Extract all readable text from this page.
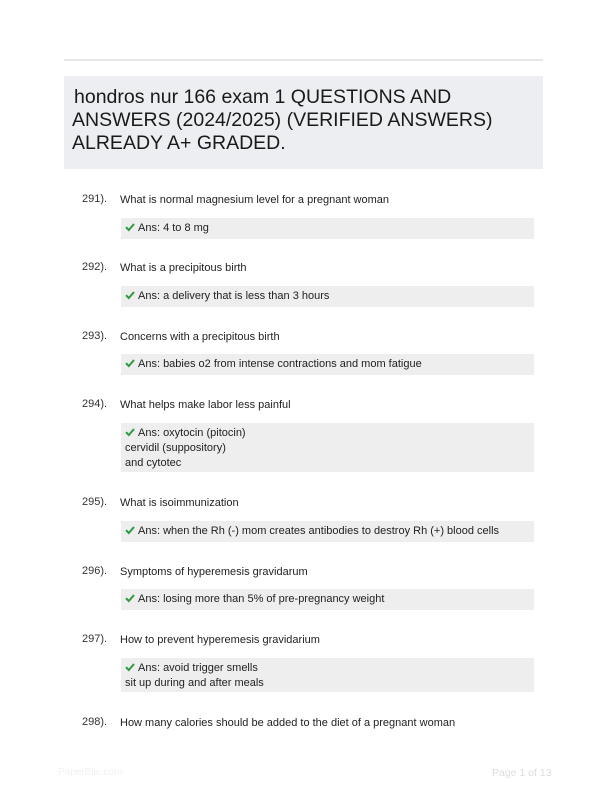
hondros nur 166 exam 1 QUESTIONS AND ANSWERS (2024/2025) (VERIFIED ANSWERS) ALREADY A+ GRADED.
291). What is normal magnesium level for a pregnant woman
Ans: 4 to 8 mg
292). What is a precipitous birth
Ans: a delivery that is less than 3 hours
293). Concerns with a precipitous birth
Ans: babies o2 from intense contractions and mom fatigue
294). What helps make labor less painful
Ans: oxytocin (pitocin)
cervidil (suppository)
and cytotec
295). What is isoimmunization
Ans: when the Rh (-) mom creates antibodies to destroy Rh (+) blood cells
296). Symptoms of hyperemesis gravidarum
Ans: losing more than 5% of pre-pregnancy weight
297). How to prevent hyperemesis gravidarium
Ans: avoid trigger smells
sit up during and after meals
298). How many calories should be added to the diet of a pregnant woman
PaperBlic.com	Page 1 of 13
